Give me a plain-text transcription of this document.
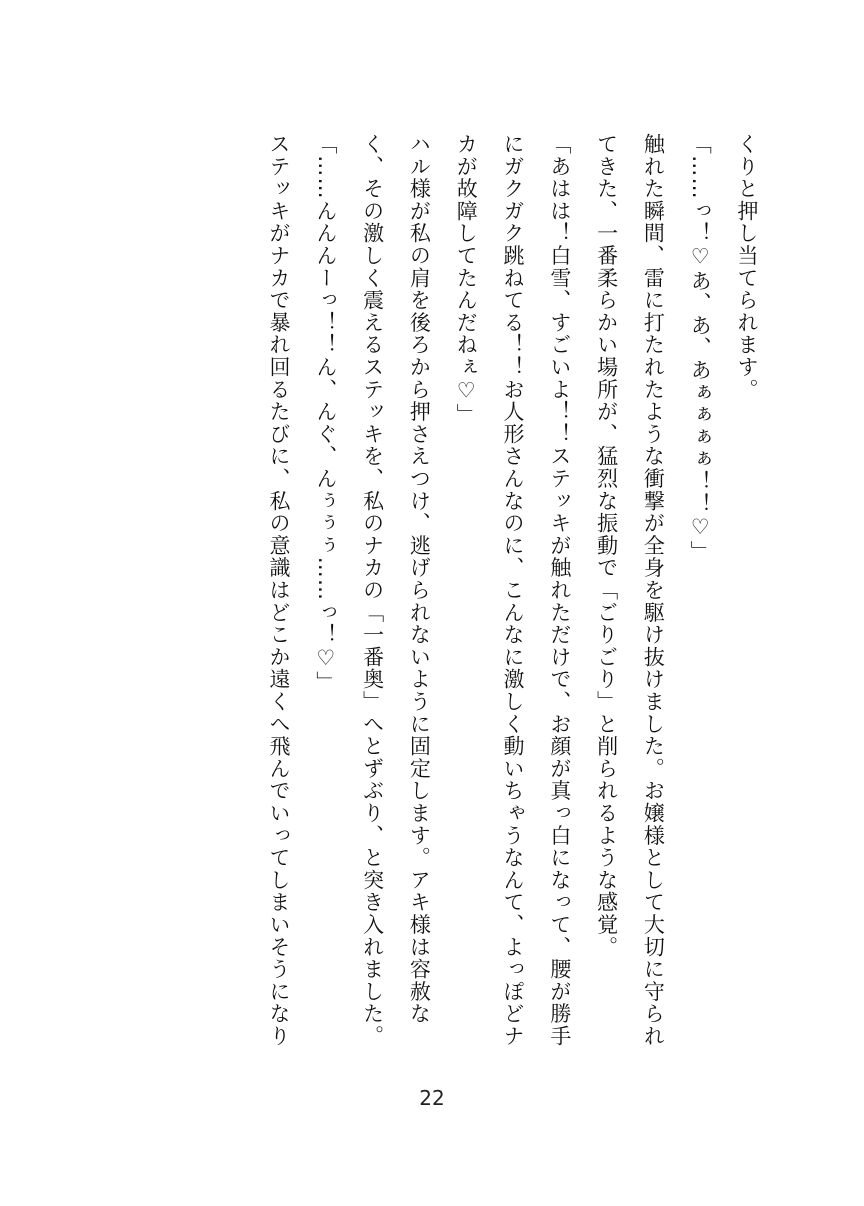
くりと押し当てられます。

「……っ！♡あ、あ、あぁぁぁぁ！！♡」

触れた瞬間、雷に打たれたような衝撃が全身を駆け抜けました。お嬢様として大切に守られてきた、一番柔らかい場所が、猛烈な振動で「ごりごり」と削られるような感覚。

「あはは！白雪、すごいよ！！ステッキが触れただけで、お顔が真っ白になって、腰が勝手にガクガク跳ねてる！！お人形さんなのに、こんなに激しく動いちゃうなんて、よっぽどナカが故障してたんだねぇ♡」

ハル様が私の肩を後ろから押さえつけ、逃げられないように固定します。アキ様は容赦なく、その激しく震えるステッキを、私のナカの「一番奥」へとずぶり、と突き入れました。

「……んんんーっ！！ん、んぐ、んぅぅぅ……っ！♡」

ステッキがナカで暴れ回るたびに、私の意識はどこか遠くへ飛んでいってしまいそうになり

22
